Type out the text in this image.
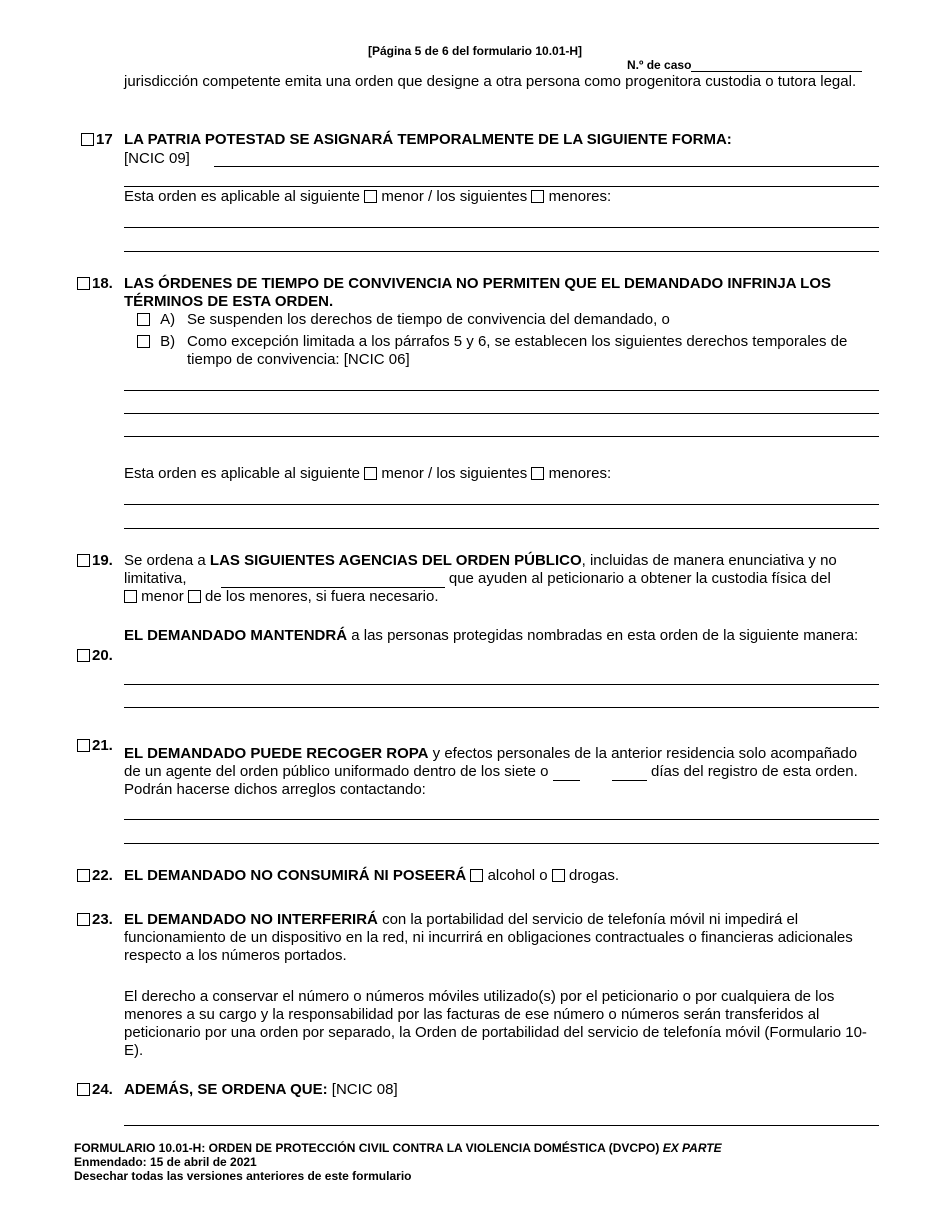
[Página 5 de 6 del formulario 10.01-H]
N.º de caso
jurisdicción competente emita una orden que designe a otra persona como progenitora custodia o tutora legal.
17 LA PATRIA POTESTAD SE ASIGNARÁ TEMPORALMENTE DE LA SIGUIENTE FORMA:
[NCIC 09]
Esta orden es aplicable al siguiente menor / los siguientes menores:
18. LAS ÓRDENES DE TIEMPO DE CONVIVENCIA NO PERMITEN QUE EL DEMANDADO INFRINJA LOS TÉRMINOS DE ESTA ORDEN.
A) Se suspenden los derechos de tiempo de convivencia del demandado, o
B) Como excepción limitada a los párrafos 5 y 6, se establecen los siguientes derechos temporales de tiempo de convivencia: [NCIC 06]
Esta orden es aplicable al siguiente menor / los siguientes menores:
19. Se ordena a LAS SIGUIENTES AGENCIAS DEL ORDEN PÚBLICO, incluidas de manera enunciativa y no limitativa,	que ayuden al peticionario a obtener la custodia física del
menor de los menores, si fuera necesario.
20.
EL DEMANDADO MANTENDRÁ a las personas protegidas nombradas en esta orden de la siguiente manera:
21. EL DEMANDADO PUEDE RECOGER ROPA y efectos personales de la anterior residencia solo acompañado de un agente del orden público uniformado dentro de los siete o	días del registro de esta orden. Podrán hacerse dichos arreglos contactando:
22. EL DEMANDADO NO CONSUMIRÁ NI POSEERÁ alcohol o drogas.
23. EL DEMANDADO NO INTERFERIRÁ con la portabilidad del servicio de telefonía móvil ni impedirá el funcionamiento de un dispositivo en la red, ni incurrirá en obligaciones contractuales o financieras adicionales respecto a los números portados.
El derecho a conservar el número o números móviles utilizado(s) por el peticionario o por cualquiera de los menores a su cargo y la responsabilidad por las facturas de ese número o números serán transferidos al peticionario por una orden por separado, la Orden de portabilidad del servicio de telefonía móvil (Formulario 10-E).
24. ADEMÁS, SE ORDENA QUE: [NCIC 08]
FORMULARIO 10.01-H: ORDEN DE PROTECCIÓN CIVIL CONTRA LA VIOLENCIA DOMÉSTICA (DVCPO) EX PARTE
Enmendado: 15 de abril de 2021
Desechar todas las versiones anteriores de este formulario
